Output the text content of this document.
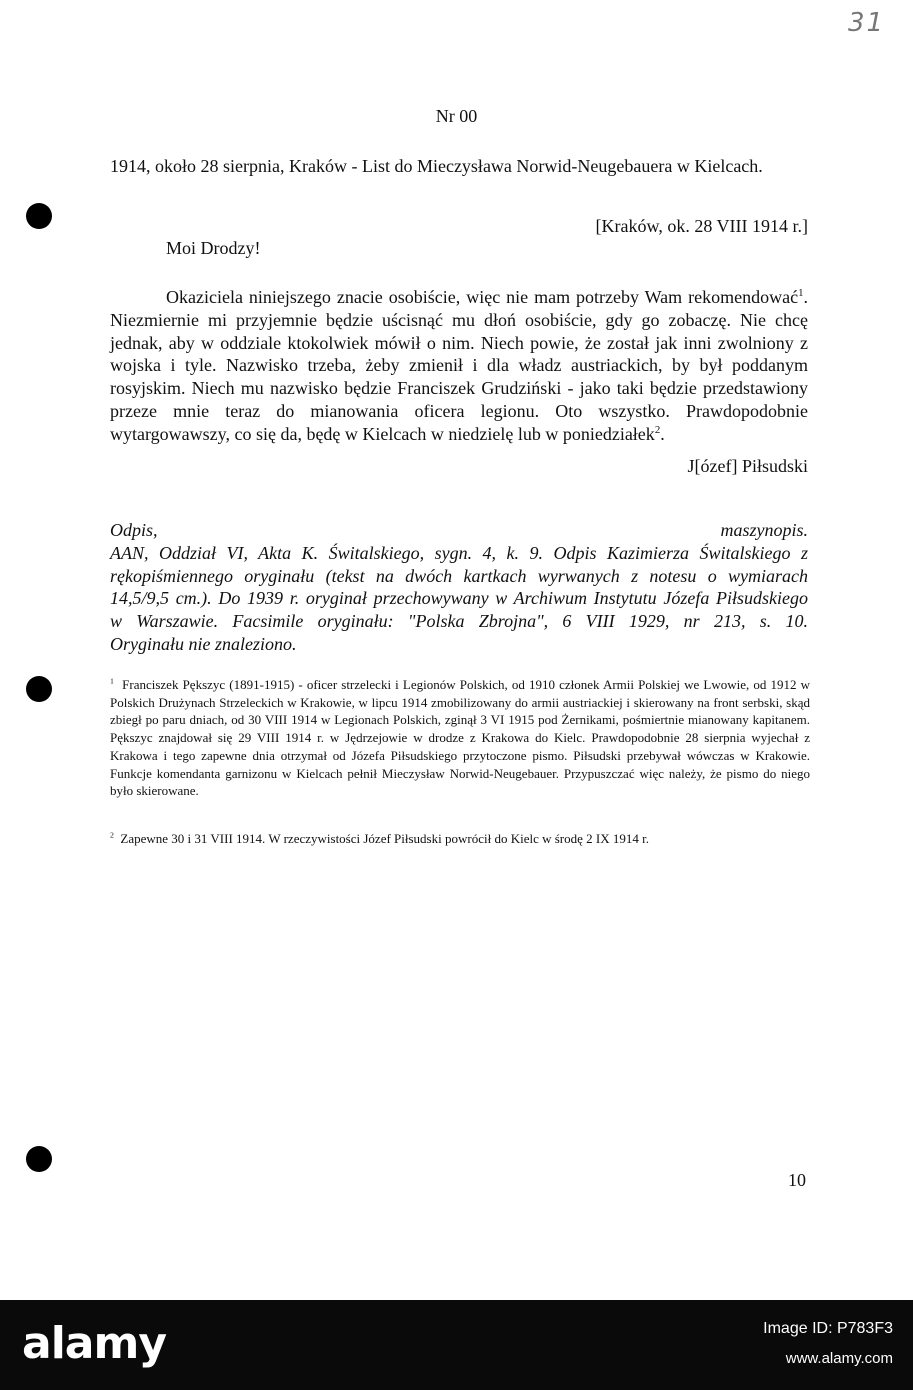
31
Nr 00
1914, około 28 sierpnia, Kraków - List do Mieczysława Norwid-Neugebauera w Kielcach.
[Kraków, ok. 28 VIII 1914 r.]
Moi Drodzy!

Okaziciela niniejszego znacie osobiście, więc nie mam potrzeby Wam rekomendować$^1$. Niezmiernie mi przyjemnie będzie uścisnąć mu dłoń osobiście, gdy go zobaczę. Nie chcę jednak, aby w oddziale ktokolwiek mówił o nim. Niech powie, że został jak inni zwolniony z wojska i tyle. Nazwisko trzeba, żeby zmienił i dla władz austriackich, by był poddanym rosyjskim. Niech mu nazwisko będzie Franciszek Grudziński - jako taki będzie przedstawiony przeze mnie teraz do mianowania oficera legionu. Oto wszystko. Prawdopodobnie wytargowawszy, co się da, będę w Kielcach w niedzielę lub w poniedziałek$^2$.

J[ózef] Piłsudski
Odpis, maszynopis.
AAN, Oddział VI, Akta K. Świtalskiego, sygn. 4, k. 9. Odpis Kazimierza Świtalskiego z
rękopiśmiennego oryginału (tekst na dwóch kartkach wyrwanych z notesu o wymiarach
14,5/9,5 cm.). Do 1939 r. oryginał przechowywany w Archiwum Instytutu Józefa Piłsudskiego
w Warszawie. Facsimile oryginału: "Polska Zbrojna", 6 VIII 1929, nr 213, s. 10.
Oryginału nie znaleziono.
$^1$ Franciszek Pększyc (1891-1915) - oficer strzelecki i Legionów Polskich, od 1910 członek Armii Polskiej we Lwowie, od 1912 w Polskich Drużynach Strzeleckich w Krakowie, w lipcu 1914 zmobilizowany do armii austriackiej i skierowany na front serbski, skąd zbiegł po paru dniach, od 30 VIII 1914 w Legionach Polskich, zginął 3 VI 1915 pod Żernikami, pośmiertnie mianowany kapitanem. Pększyc znajdował się 29 VIII 1914 r. w Jędrzejowie w drodze z Krakowa do Kielc. Prawdopodobnie 28 sierpnia wyjechał z Krakowa i tego zapewne dnia otrzymał od Józefa Piłsudskiego przytoczone pismo. Piłsudski przebywał wówczas w Krakowie. Funkcje komendanta garnizonu w Kielcach pełnił Mieczysław Norwid-Neugebauer. Przypuszczać więc należy, że pismo do niego było skierowane.
$^2$ Zapewne 30 i 31 VIII 1914. W rzeczywistości Józef Piłsudski powrócił do Kielc w środę 2 IX 1914 r.
10
alamy	Image ID: P783F3
www.alamy.com
